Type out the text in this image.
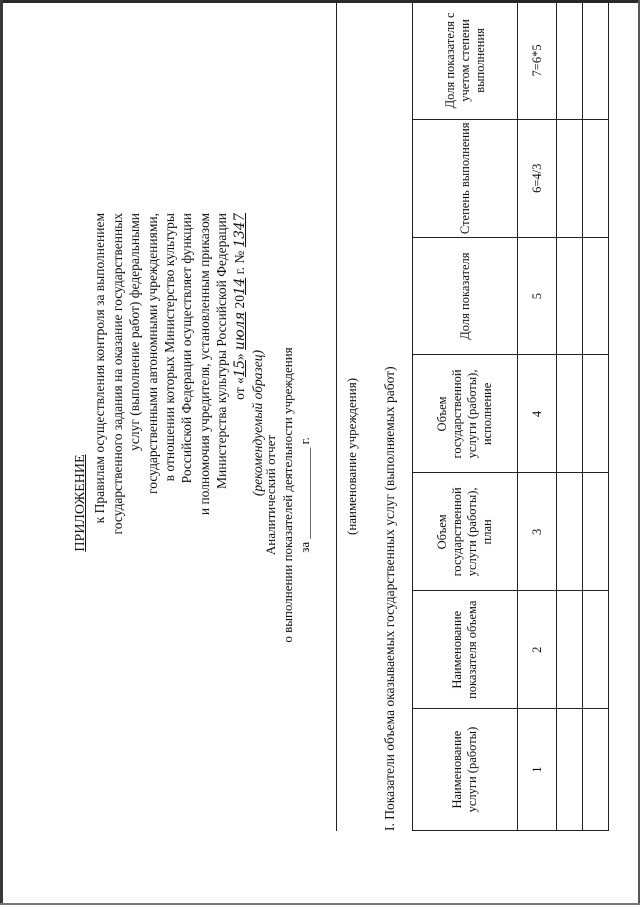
ПРИЛОЖЕНИЕ к Правилам осуществления контроля за выполнением государственного задания на оказание государственных услуг (выполнение работ) федеральными государственными автономными учреждениями, в отношении которых Министерство культуры Российской Федерации осуществляет функции и полномочия учредителя, установленным приказом Министерства культуры Российской Федерации от «15» июля 2014 г. № 1347
(рекомендуемый образец)
Аналитический отчет о выполнении показателей деятельности учреждения за ______________ г. (наименование учреждения) I. Показатели объема оказываемых государственных услуг (выполняемых работ)	Наименование услуги (работы)	Наименование показателя объема	Объем государственной услуги (работы), план	Объем государственной услуги (работы), исполнение	Доля показателя	Степень выполнения	Доля показателя с учетом степени выполнения
1	2	3	4	5	6=4/3	7=6*5
